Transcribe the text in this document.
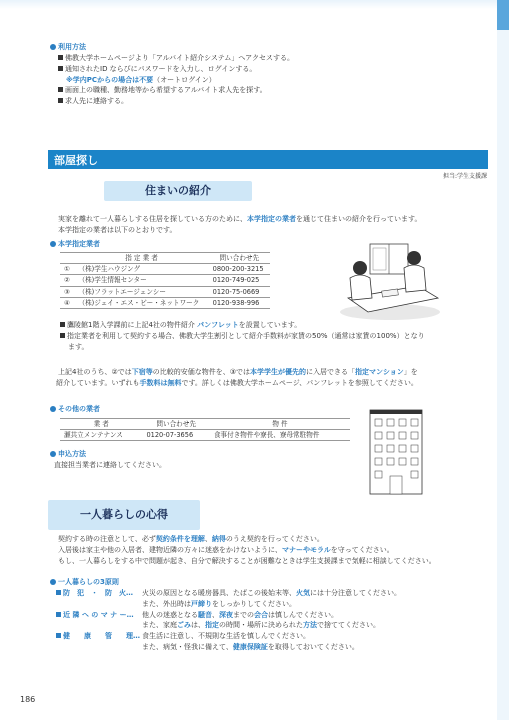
利用方法
佛教大学ホームページより「アルバイト紹介システム」へアクセスする。
通知されたID ならびにパスワードを入力し、ログインする。
※学内PCからの場合は不要（オートログイン）
画面上の職種、勤務地等から希望するアルバイト求人先を探す。
求人先に連絡する。
部屋探し
担当:学生支援課
住まいの紹介
実家を離れて一人暮らしする住居を探している方のために、本学指定の業者を通じて住まいの紹介を行っています。
本学指定の業者は以下のとおりです。
本学指定業者
	指 定 業 者	問い合わせ先
①	（株)学生ハウジング	0800-200-3215
②	（株)学生情報センター	0120-749-025
③	（株)フラットエージェンシー	0120-75-0669
④	（株)ジェイ・エス・ビー・ネットワーク	0120-938-996
鷹陵館1階入学課前に上記4社の物件紹介 パンフレットを設置しています。
指定業者を利用して契約する場合、佛教大学生割引として紹介手数料が家賃の50%（通常は家賃の100%）となり
ます。
上記4社のうち、②では下宿等の比較的安価な物件を、③では本学学生が優先的に入居できる「指定マンション」を
紹介しています。いずれも手数料は無料です。詳しくは佛教大学ホームページ、パンフレットを参照してください。
その他の業者
業 者	問い合わせ先	物 件
瀬共立メンテナンス	0120-07-3656	食事付き物件や寮長、寮母常駐物件
申込方法
直接担当業者に連絡してください。
一人暮らしの心得
契約する時の注意として、必ず契約条件を理解、納得のうえ契約を行ってください。
入居後は家主や他の入居者、建物近隣の方々に迷惑をかけないように、マナーやモラルを守ってください。
もし、一人暮らしをする中で問題が起き、自分で解決することが困難なときは学生支援課まで気軽に相談してください。
一人暮らしの3原則
防　犯　・　防　火…	火災の原因となる暖房器具、たばこの後始末等、火気には十分注意してください。
また、外出時は戸締りをしっかりしてください。
近 隣 へ の マ ナ ー…	他人の迷惑となる騒音、深夜までの会合は慎しんでください。
また、家庭ごみは、指定の時間・場所に決められた方法で捨ててください。
健　　康　　管　　理… 食生活に注意し、不規則な生活を慎しんでください。
また、病気・怪我に備えて、健康保険証を取得しておいてください。
186
